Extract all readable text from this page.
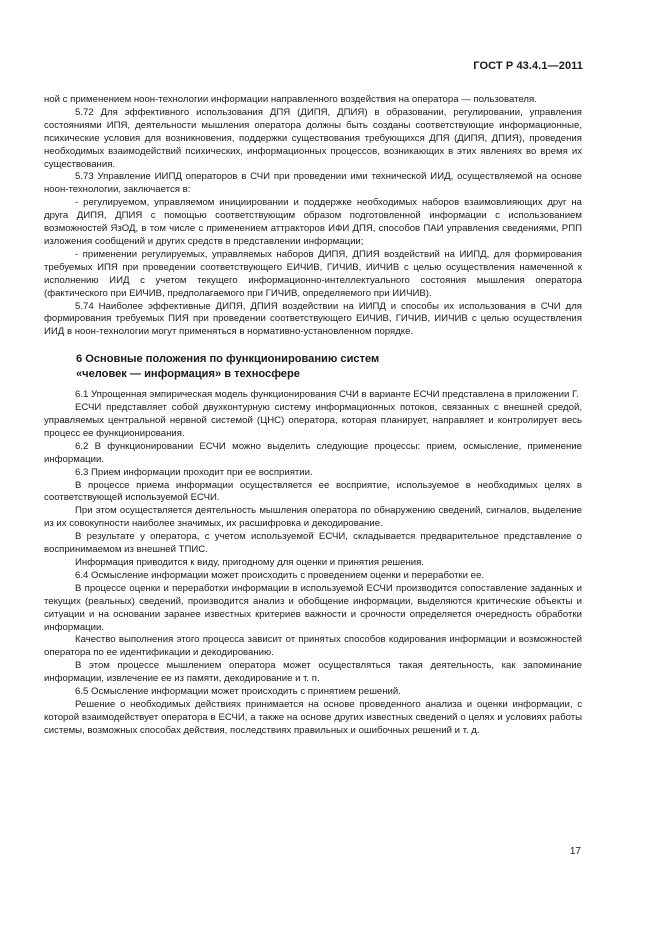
ГОСТ Р 43.4.1—2011

ной с применением ноон-технологии информации направленного воздействия на оператора — пользователя.

5.72 Для эффективного использования ДПЯ (ДИПЯ, ДПИЯ) в образовании, регулировании, управления состояниями ИПЯ, деятельности мышления оператора должны быть созданы соответствующие информационные, психические условия для возникновения, поддержки существования требующихся ДПЯ (ДИПЯ, ДПИЯ), проведения необходимых взаимодействий психических, информационных процессов, возникающих в этих явлениях во время их существования.

5.73 Управление ИИПД операторов в СЧИ при проведении ими технической ИИД, осуществляемой на основе ноон-технологии, заключается в:

- регулируемом, управляемом инициировании и поддержке необходимых наборов взаимовлияющих друг на друга ДИПЯ, ДПИЯ с помощью соответствующим образом подготовленной информации с использованием возможностей ЯзОД, в том числе с применением аттракторов ИФИ ДПЯ, способов ПАИ управления сведениями, РПП изложения сообщений и других средств в представлении информации;

- применении регулируемых, управляемых наборов ДИПЯ, ДПИЯ воздействий на ИИПД, для формирования требуемых ИПЯ при проведении соответствующего ЕИЧИВ, ГИЧИВ, ИИЧИВ с целью осуществления намеченной к исполнению ИИД с учетом текущего информационно-интеллектуального состояния мышления оператора (фактического при ЕИЧИВ, предполагаемого при ГИЧИВ, определяемого при ИИЧИВ).

5.74 Наиболее эффективные ДИПЯ, ДПИЯ воздействии на ИИПД и способы их использования в СЧИ для формирования требуемых ПИЯ при проведении соответствующего ЕИЧИВ, ГИЧИВ, ИИЧИВ с целью осуществления ИИД в ноон-технологии могут применяться в нормативно-установленном порядке.

6 Основные положения по функционированию систем

«человек — информация» в техносфере

6.1 Упрощенная эмпирическая модель функционирования СЧИ в варианте ЕСЧИ представлена в приложении Г.

ЕСЧИ представляет собой двухконтурную систему информационных потоков, связанных с внешней средой, управляемых центральной нервной системой (ЦНС) оператора, которая планирует, направляет и контролирует весь процесс ее функционирования.

6.2 В функционировании ЕСЧИ можно выделить следующие процессы: прием, осмысление, применение информации.

6.3 Прием информации проходит при ее восприятии.

В процессе приема информации осуществляется ее восприятие, используемое в необходимых целях в соответствующей используемой ЕСЧИ.

При этом осуществляется деятельность мышления оператора по обнаружению сведений, сигналов, выделение из их совокупности наиболее значимых, их расшифровка и декодирование.

В результате у оператора, с учетом используемой ЕСЧИ, складывается предварительное представление о воспринимаемом из внешней ТПИС.

Информация приводится к виду, пригодному для оценки и принятия решения.

6.4 Осмысление информации может происходить с проведением оценки и переработки ее.

В процессе оценки и переработки информации в используемой ЕСЧИ производится сопоставление заданных и текущих (реальных) сведений, производится анализ и обобщение информации, выделяются критические объекты и ситуации и на основании заранее известных критериев важности и срочности определяется очередность обработки информации.

Качество выполнения этого процесса зависит от принятых способов кодирования информации и возможностей оператора по ее идентификации и декодированию.

В этом процессе мышлением оператора может осуществляться такая деятельность, как запоминание информации, извлечение ее из памяти, декодирование и т. п.

6.5 Осмысление информации может происходить с принятием решений.

Решение о необходимых действиях принимается на основе проведенного анализа и оценки информации, с которой взаимодействует оператора в ЕСЧИ, а также на основе других известных сведений о целях и условиях работы системы, возможных способах действия, последствиях правильных и ошибочных решений и т. д.

17
